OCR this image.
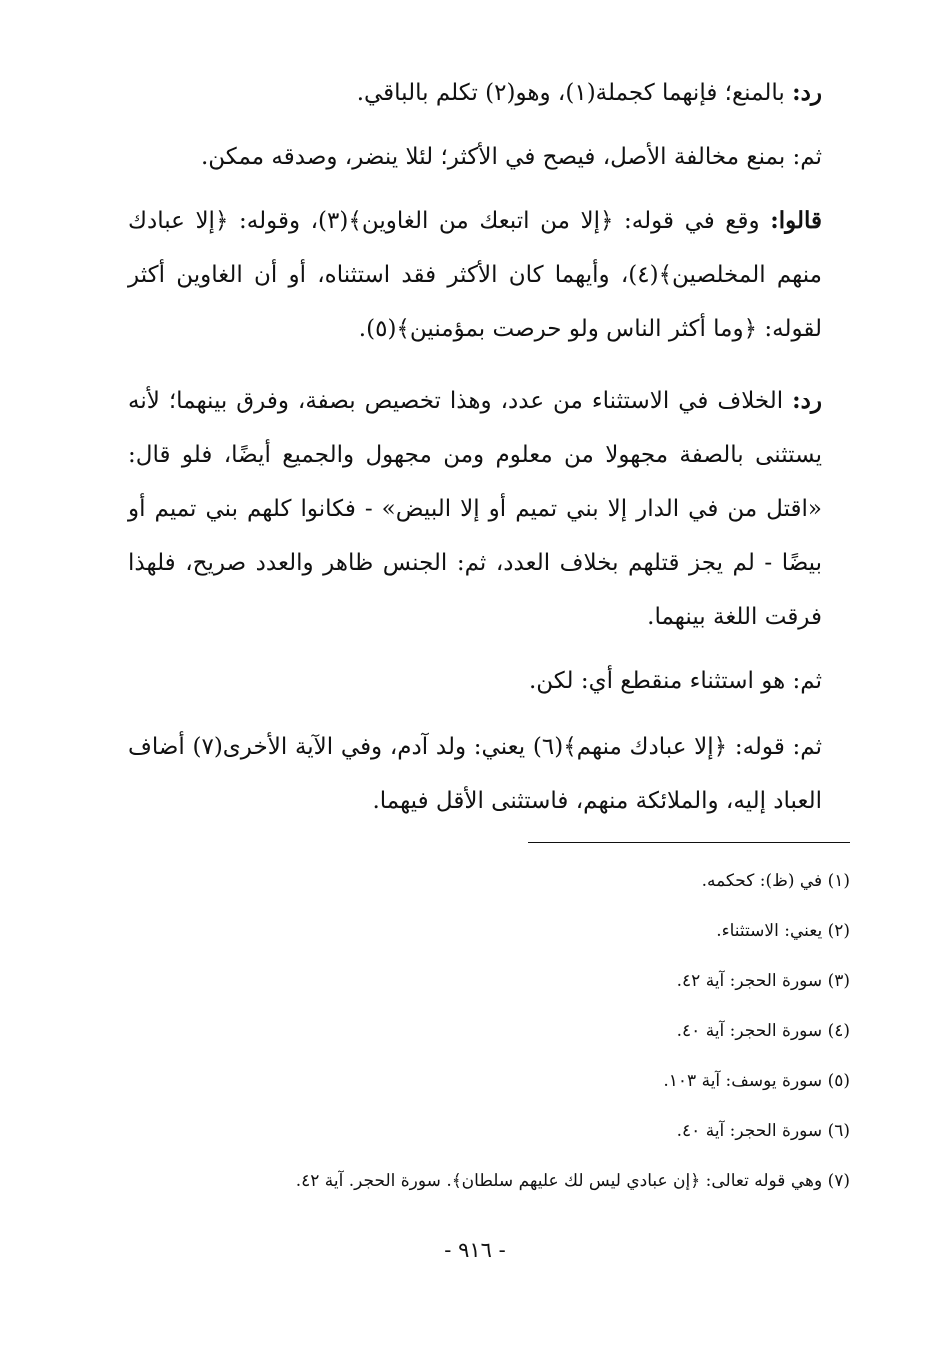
رد: بالمنع؛ فإنهما كجملة(١)، وهو(٢) تكلم بالباقي.

ثم: بمنع مخالفة الأصل، فيصح في الأكثر؛ لئلا ينضر، وصدقه ممكن.

قالوا: وقع في قوله: ﴿إلا من اتبعك من الغاوين﴾(٣)، وقوله: ﴿إلا عبادك منهم المخلصين﴾(٤)، وأيهما كان الأكثر فقد استثناه، أو أن الغاوين أكثر لقوله: ﴿وما أكثر الناس ولو حرصت بمؤمنين﴾(٥).

رد: الخلاف في الاستثناء من عدد، وهذا تخصيص بصفة، وفرق بينهما؛ لأنه يستثنى بالصفة مجهولا من معلوم ومن مجهول والجميع أيضًا، فلو قال: «اقتل من في الدار إلا بني تميم أو إلا البيض» - فكانوا كلهم بني تميم أو بيضًا - لم يجز قتلهم بخلاف العدد، ثم: الجنس ظاهر والعدد صريح، فلهذا فرقت اللغة بينهما.

ثم: هو استثناء منقطع أي: لكن.

ثم: قوله: ﴿إلا عبادك منهم﴾(٦) يعني: ولد آدم، وفي الآية الأخرى(٧) أضاف العباد إليه، والملائكة منهم، فاستثنى الأقل فيهما.

(١) في (ظ): كحكمه.
(٢) يعني: الاستثناء.
(٣) سورة الحجر: آية ٤٢.
(٤) سورة الحجر: آية ٤٠.
(٥) سورة يوسف: آية ١٠٣.
(٦) سورة الحجر: آية ٤٠.
(٧) وهي قوله تعالى: ﴿إن عبادي ليس لك عليهم سلطان﴾. سورة الحجر. آية ٤٢.
- ٩١٦ -
